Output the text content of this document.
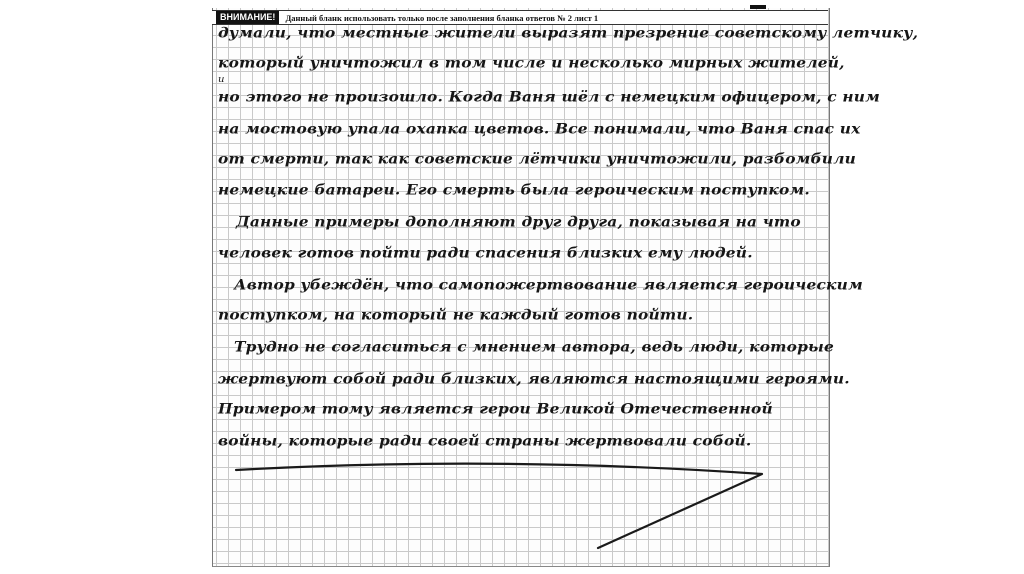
ВНИМАНИЕ!	Данный бланк использовать только после заполнения бланка ответов № 2 лист 1
думали, что местные жители выразят презрение советскому летчику,
который уничтожил в том числе и несколько мирных жителей,
и
но этого не произошло. Когда Ваня шёл с немецким офицером, с ним
на мостовую упала охапка цветов. Все понимали, что Ваня спас их
от смерти, так как советские лётчики уничтожили, разбомбили
немецкие батареи. Его смерть была героическим поступком.
Данные примеры дополняют друг друга, показывая на что
человек готов пойти ради спасения близких ему людей.
Автор убеждён, что самопожертвование является героическим
поступком, на который не каждый готов пойти.
Трудно не согласиться с мнением автора, ведь люди, которые
жертвуют собой ради близких, являются настоящими героями.
Примером тому является герои Великой Отечественной
войны, которые ради своей страны жертвовали собой.
